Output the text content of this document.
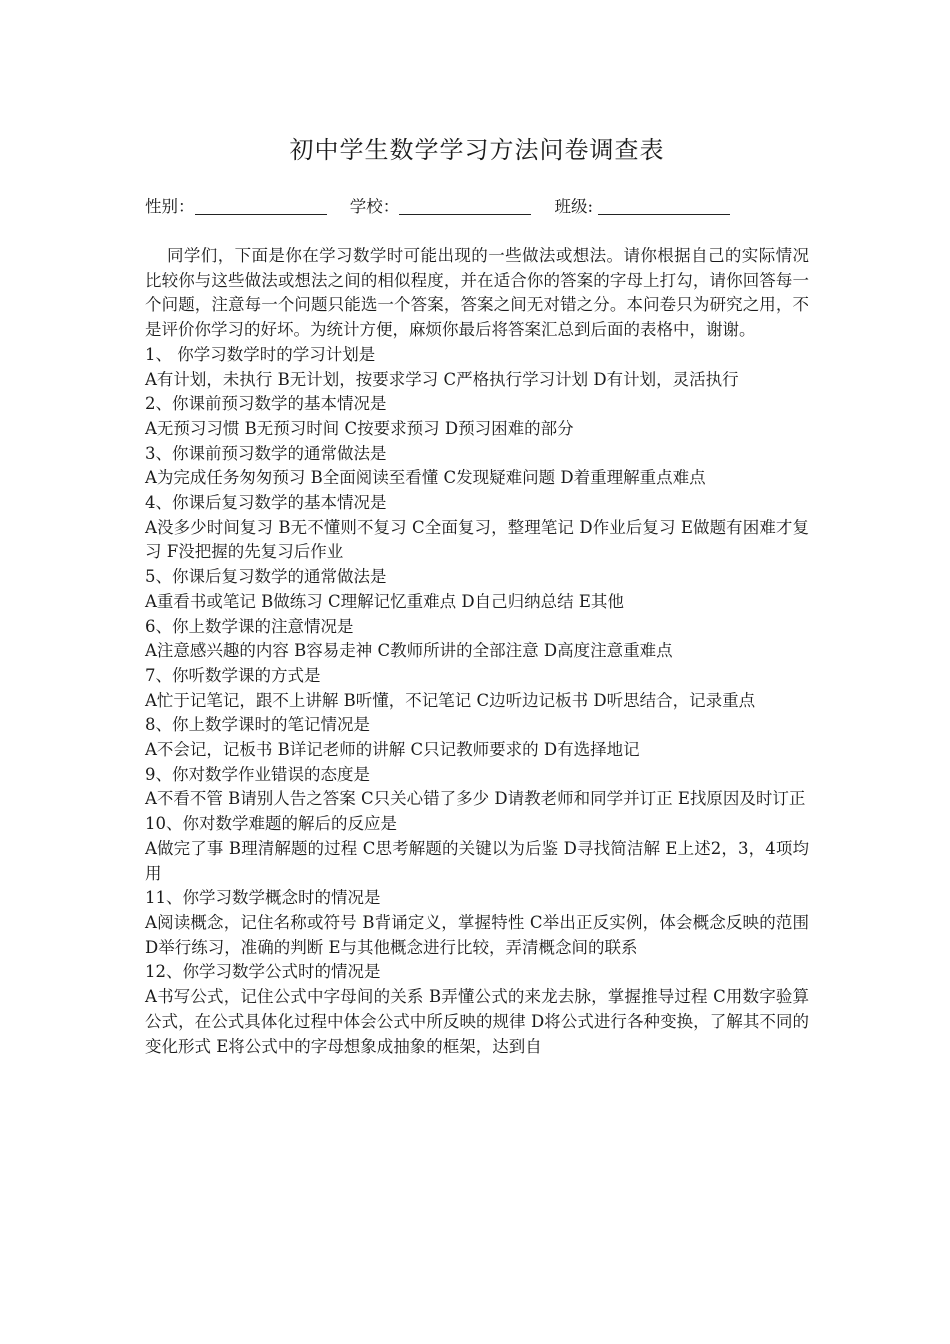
初中学生数学学习方法问卷调查表
性别：	学校：	班级:

同学们，下面是你在学习数学时可能出现的一些做法或想法。请你根据自己的实际情况比较你与这些做法或想法之间的相似程度，并在适合你的答案的字母上打勾，请你回答每一个问题，注意每一个问题只能选一个答案，答案之间无对错之分。本问卷只为研究之用，不是评价你学习的好坏。为统计方便，麻烦你最后将答案汇总到后面的表格中，谢谢。

1、 你学习数学时的学习计划是

A有计划，未执行 B无计划，按要求学习 C严格执行学习计划 D有计划，灵活执行

2、你课前预习数学的基本情况是

A无预习习惯 B无预习时间 C按要求预习 D预习困难的部分

3、你课前预习数学的通常做法是

A为完成任务匆匆预习 B全面阅读至看懂 C发现疑难问题 D着重理解重点难点

4、你课后复习数学的基本情况是

A没多少时间复习 B无不懂则不复习 C全面复习，整理笔记 D作业后复习 E做题有困难才复习 F没把握的先复习后作业

5、你课后复习数学的通常做法是

A重看书或笔记 B做练习 C理解记忆重难点 D自己归纳总结 E其他

6、你上数学课的注意情况是

A注意感兴趣的内容 B容易走神 C教师所讲的全部注意 D高度注意重难点

7、你听数学课的方式是

A忙于记笔记，跟不上讲解 B听懂，不记笔记 C边听边记板书 D听思结合，记录重点

8、你上数学课时的笔记情况是

A不会记，记板书 B详记老师的讲解 C只记教师要求的 D有选择地记

9、你对数学作业错误的态度是

A不看不管 B请别人告之答案 C只关心错了多少 D请教老师和同学并订正 E找原因及时订正

10、你对数学难题的解后的反应是

A做完了事 B理清解题的过程 C思考解题的关键以为后鉴 D寻找简洁解 E上述2，3，4项均用

11、你学习数学概念时的情况是

A阅读概念，记住名称或符号 B背诵定义，掌握特性 C举出正反实例，体会概念反映的范围 D举行练习，准确的判断 E与其他概念进行比较，弄清概念间的联系

12、你学习数学公式时的情况是

A书写公式，记住公式中字母间的关系 B弄懂公式的来龙去脉，掌握推导过程 C用数字验算公式，在公式具体化过程中体会公式中所反映的规律 D将公式进行各种变换，了解其不同的变化形式 E将公式中的字母想象成抽象的框架，达到自
